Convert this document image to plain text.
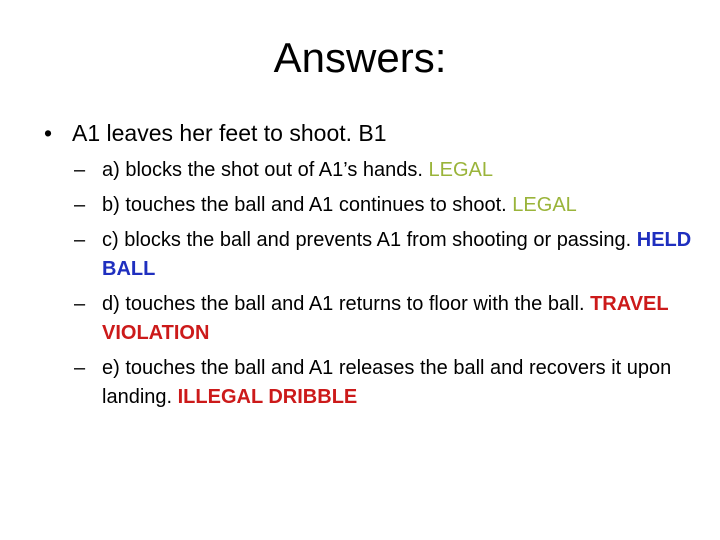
Answers:
• A1 leaves her feet to shoot. B1
– a) blocks the shot out of A1’s hands. LEGAL
– b) touches the ball and A1 continues to shoot. LEGAL
– c) blocks the ball and prevents A1 from shooting or passing. HELD BALL
– d) touches the ball and A1 returns to floor with the ball. TRAVEL VIOLATION
– e) touches the ball and A1 releases the ball and recovers it upon landing. ILLEGAL DRIBBLE
